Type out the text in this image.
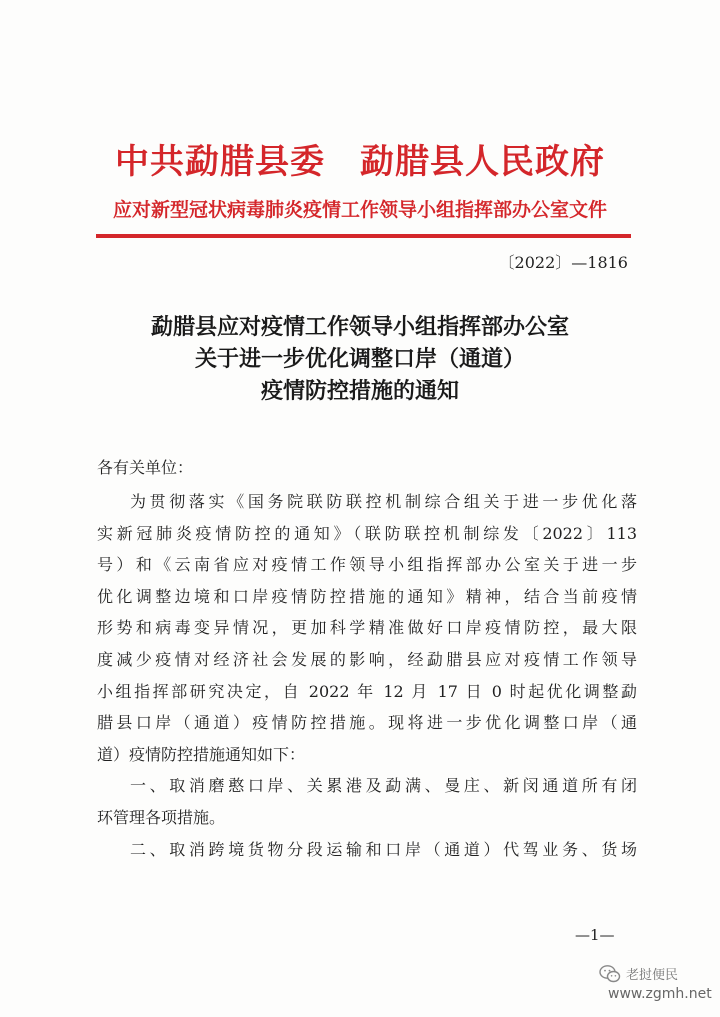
中共勐腊县委　勐腊县人民政府
应对新型冠状病毒肺炎疫情工作领导小组指挥部办公室文件
〔2022〕—1816
勐腊县应对疫情工作领导小组指挥部办公室
关于进一步优化调整口岸（通道）
疫情防控措施的通知
各有关单位：
为贯彻落实《国务院联防联控机制综合组关于进一步优化落
实新冠肺炎疫情防控的通知》（联防联控机制综发〔2022〕113
号）和《云南省应对疫情工作领导小组指挥部办公室关于进一步
优化调整边境和口岸疫情防控措施的通知》精神，结合当前疫情
形势和病毒变异情况，更加科学精准做好口岸疫情防控，最大限
度减少疫情对经济社会发展的影响，经勐腊县应对疫情工作领导
小组指挥部研究决定，自 2022 年 12 月 17 日 0 时起优化调整勐
腊县口岸（通道）疫情防控措施。现将进一步优化调整口岸（通
道）疫情防控措施通知如下：
一、取消磨憨口岸、关累港及勐满、曼庄、新闵通道所有闭
环管理各项措施。
二、取消跨境货物分段运输和口岸（通道）代驾业务、货场
—1—
老挝便民
www.zgmh.net
